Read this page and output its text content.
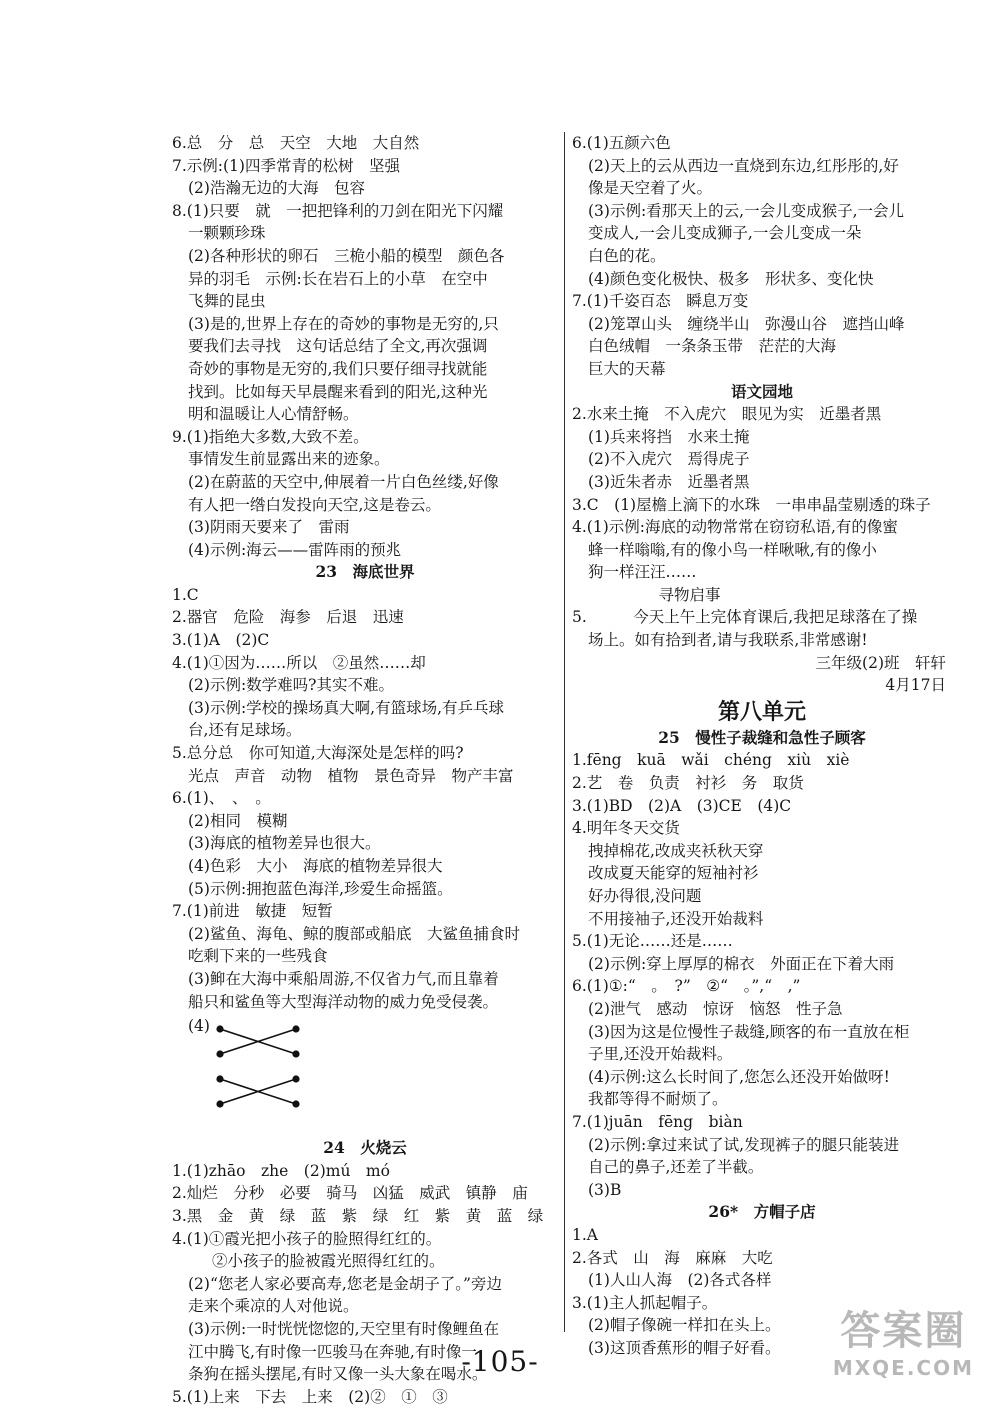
6.总　分　总　天空　大地　大自然
7.示例:(1)四季常青的松树　坚强
(2)浩瀚无边的大海　包容
8.(1)只要　就　一把把锋利的刀剑在阳光下闪耀
一颗颗珍珠
(2)各种形状的卵石　三桅小船的模型　颜色各
异的羽毛　示例:长在岩石上的小草　在空中
飞舞的昆虫
(3)是的,世界上存在的奇妙的事物是无穷的,只
要我们去寻找　这句话总结了全文,再次强调
奇妙的事物是无穷的,我们只要仔细寻找就能
找到。比如每天早晨醒来看到的阳光,这种光
明和温暖让人心情舒畅。
9.(1)指绝大多数,大致不差。
事情发生前显露出来的迹象。
(2)在蔚蓝的天空中,伸展着一片白色丝缕,好像
有人把一绺白发投向天空,这是卷云。
(3)阴雨天要来了　雷雨
(4)示例:海云——雷阵雨的预兆
23　海底世界
1.C
2.器官　危险　海参　后退　迅速
3.(1)A　(2)C
4.(1)①因为……所以　②虽然……却
(2)示例:数学难吗?其实不难。
(3)示例:学校的操场真大啊,有篮球场,有乒乓球
台,还有足球场。
5.总分总　你可知道,大海深处是怎样的吗?
光点　声音　动物　植物　景色奇异　物产丰富
6.(1)、　、　。
(2)相同　模糊
(3)海底的植物差异也很大。
(4)色彩　大小　海底的植物差异很大
(5)示例:拥抱蓝色海洋,珍爱生命摇篮。
7.(1)前进　敏捷　短暂
(2)鲨鱼、海龟、鲸的腹部或船底　大鲨鱼捕食时
吃剩下来的一些残食
(3)䲟在大海中乘船周游,不仅省力气,而且靠着
船只和鲨鱼等大型海洋动物的威力免受侵袭。
(4)
24　火烧云
1.(1)zhāo　zhe　(2)mú　mó
2.灿烂　分秒　必要　骑马　凶猛　威武　镇静　庙
3.黑　金　黄　绿　蓝　紫　绿　红　紫　黄　蓝　绿
4.(1)①霞光把小孩子的脸照得红红的。
②小孩子的脸被霞光照得红红的。
(2)“您老人家必要高寿,您老是金胡子了。”旁边
走来个乘凉的人对他说。
(3)示例:一时恍恍惚惚的,天空里有时像鲤鱼在
江中腾飞,有时像一匹骏马在奔驰,有时像一
条狗在摇头摆尾,有时又像一头大象在喝水。
5.(1)上来　下去　上来　(2)②　①　③
6.(1)五颜六色
(2)天上的云从西边一直烧到东边,红彤彤的,好
像是天空着了火。
(3)示例:看那天上的云,一会儿变成猴子,一会儿
变成人,一会儿变成狮子,一会儿变成一朵
白色的花。
(4)颜色变化极快、极多　形状多、变化快
7.(1)千姿百态　瞬息万变
(2)笼罩山头　缠绕半山　弥漫山谷　遮挡山峰
白色绒帽　一条条玉带　茫茫的大海
巨大的天幕
语文园地
2.水来土掩　不入虎穴　眼见为实　近墨者黑
(1)兵来将挡　水来土掩
(2)不入虎穴　焉得虎子
(3)近朱者赤　近墨者黑
3.C　(1)屋檐上滴下的水珠　一串串晶莹剔透的珠子
4.(1)示例:海底的动物常常在窃窃私语,有的像蜜
蜂一样嗡嗡,有的像小鸟一样啾啾,有的像小
狗一样汪汪……
　　　寻物启事
5.　　　今天上午上完体育课后,我把足球落在了操
场上。如有拾到者,请与我联系,非常感谢!
三年级(2)班　轩轩
4月17日
第八单元
25　慢性子裁缝和急性子顾客
1.fēng　kuā　wǎi　chéng　xiù　xiè
2.艺　卷　负责　衬衫　务　取货
3.(1)BD　(2)A　(3)CE　(4)C
4.明年冬天交货
拽掉棉花,改成夹袄秋天穿
改成夏天能穿的短袖衬衫
好办得很,没问题
不用接袖子,还没开始裁料
5.(1)无论……还是……
(2)示例:穿上厚厚的棉衣　外面正在下着大雨
6.(1)①:“　。　?”　②“　。”,“　,”
(2)泄气　感动　惊讶　恼怒　性子急
(3)因为这是位慢性子裁缝,顾客的布一直放在柜
子里,还没开始裁料。
(4)示例:这么长时间了,您怎么还没开始做呀!
我都等得不耐烦了。
7.(1)juān　fēng　biàn
(2)示例:拿过来试了试,发现裤子的腿只能装进
自己的鼻子,还差了半截。
(3)B
26*　方帽子店
1.A
2.各式　山　海　麻麻　大吃
(1)人山人海　(2)各式各样
3.(1)主人抓起帽子。
(2)帽子像碗一样扣在头上。
(3)这顶香蕉形的帽子好看。
-105-
答案圈
MXQE.COM
